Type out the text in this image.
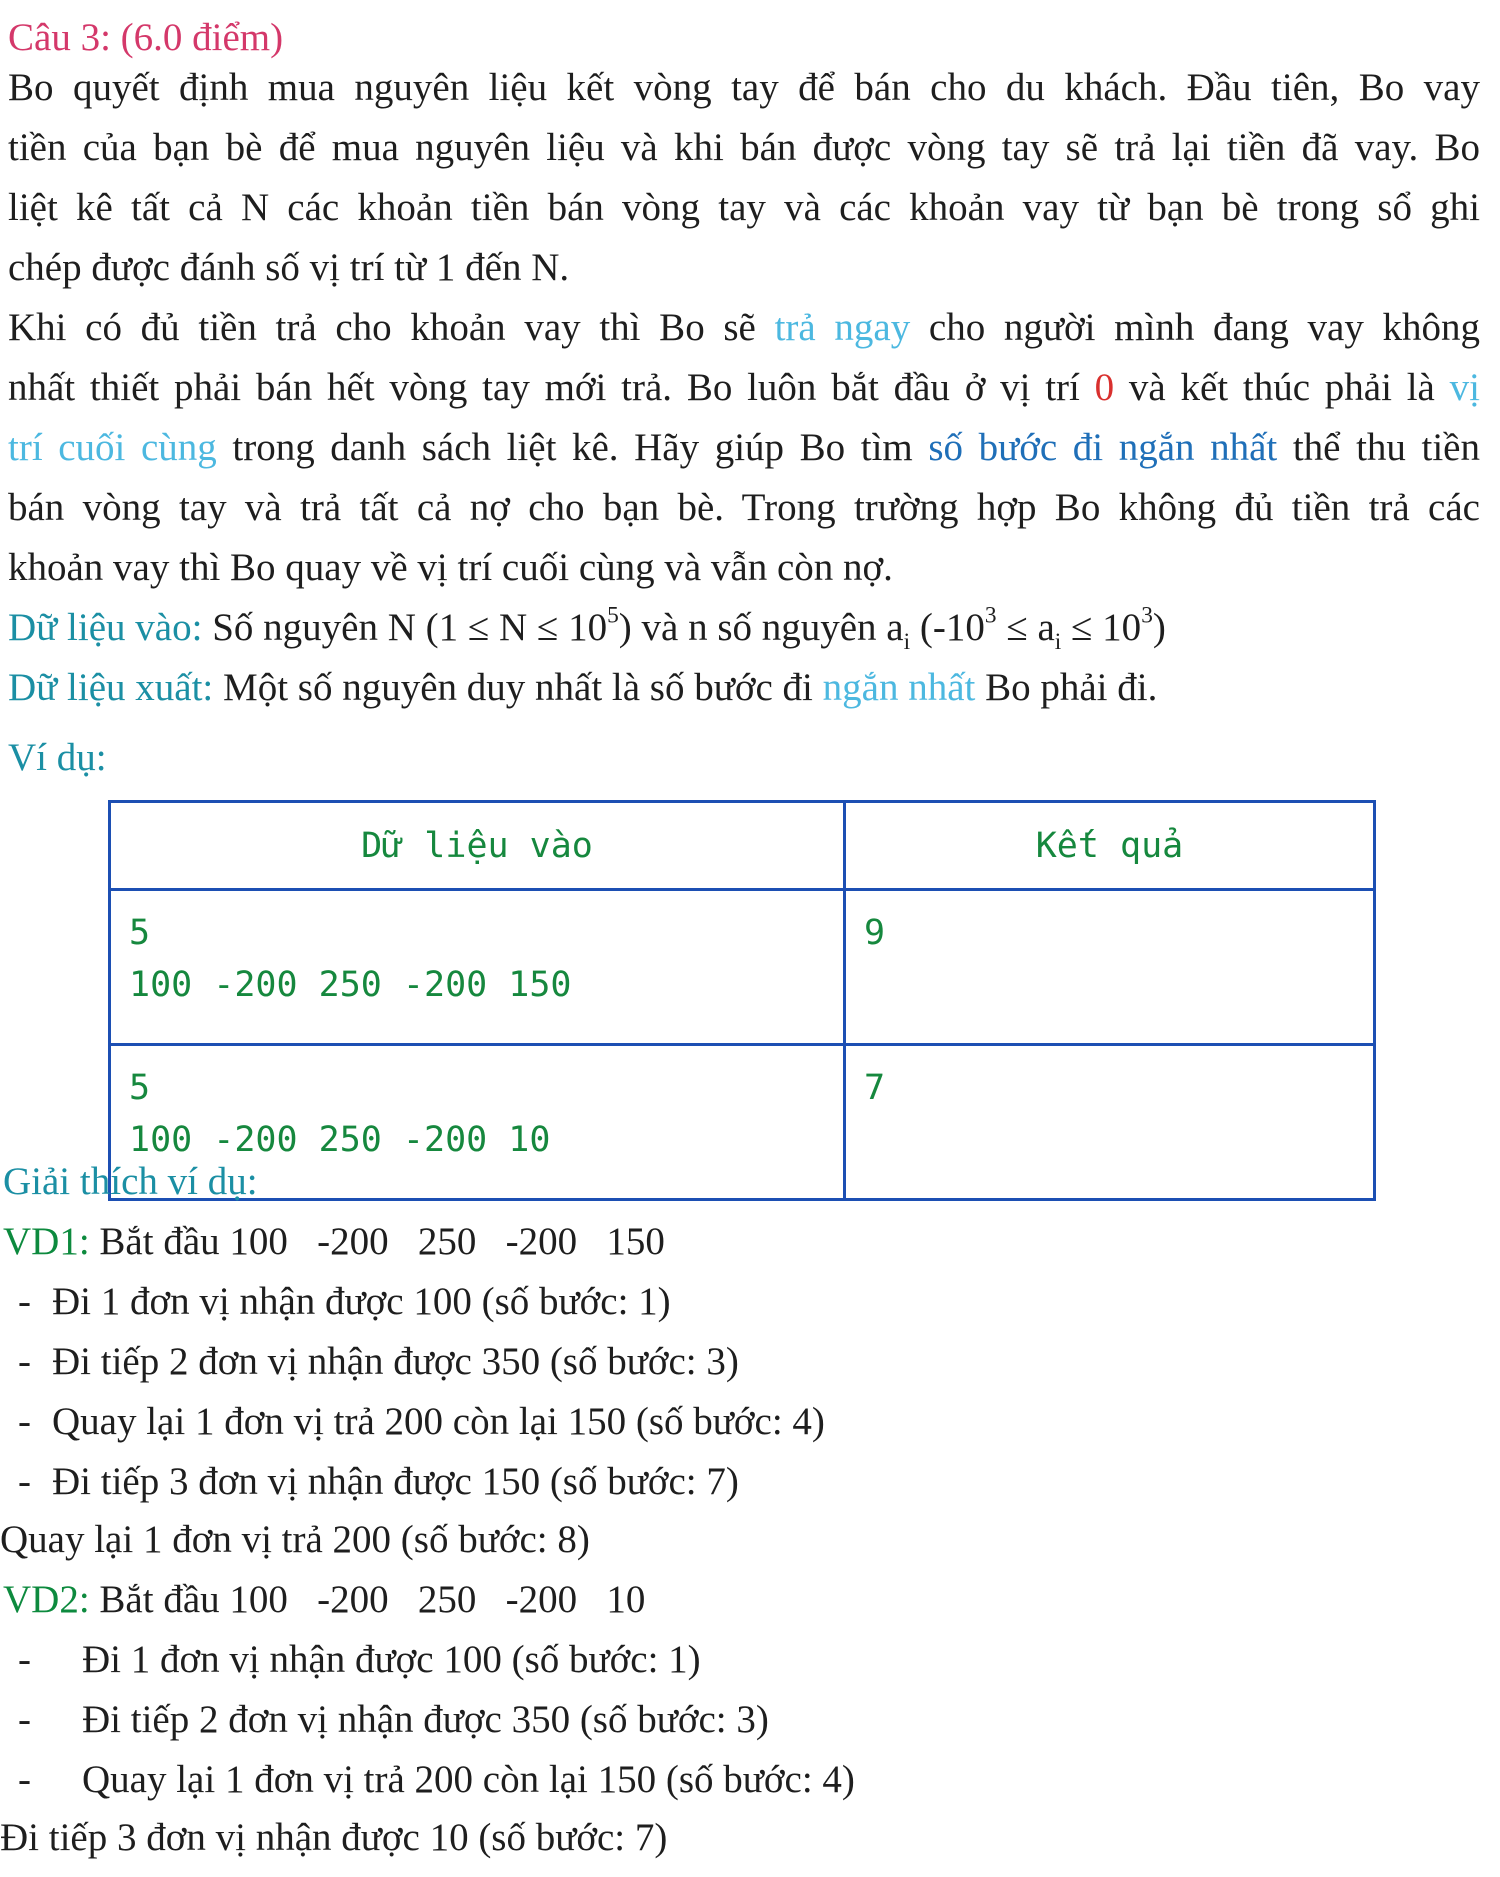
Câu 3: (6.0 điểm)
Bo quyết định mua nguyên liệu kết vòng tay để bán cho du khách. Đầu tiên, Bo vay
tiền của bạn bè để mua nguyên liệu và khi bán được vòng tay sẽ trả lại tiền đã vay. Bo
liệt kê tất cả N các khoản tiền bán vòng tay và các khoản vay từ bạn bè trong sổ ghi
chép được đánh số vị trí từ 1 đến N.
Khi có đủ tiền trả cho khoản vay thì Bo sẽ trả ngay cho người mình đang vay không
nhất thiết phải bán hết vòng tay mới trả. Bo luôn bắt đầu ở vị trí 0 và kết thúc phải là vị
trí cuối cùng trong danh sách liệt kê. Hãy giúp Bo tìm số bước đi ngắn nhất thể thu tiền
bán vòng tay và trả tất cả nợ cho bạn bè. Trong trường hợp Bo không đủ tiền trả các
khoản vay thì Bo quay về vị trí cuối cùng và vẫn còn nợ.
Dữ liệu vào: Số nguyên N $(1 \le N \le 10^5)$ và n số nguyên $a_i$ $(-10^3 \le a_i \le 10^3)$
Dữ liệu xuất: Một số nguyên duy nhất là số bước đi ngắn nhất Bo phải đi.
Ví dụ:
Dữ liệu vào	Kết quả

5
100 -200 250 -200 150	9

5
100 -200 250 -200 10	7
Giải thích ví dụ:
VD1: Bắt đầu 100   -200   250   -200   150
- Đi 1 đơn vị nhận được 100 (số bước: 1)
- Đi tiếp 2 đơn vị nhận được 350 (số bước: 3)
- Quay lại 1 đơn vị trả 200 còn lại 150 (số bước: 4)
- Đi tiếp 3 đơn vị nhận được 150 (số bước: 7)
Quay lại 1 đơn vị trả 200 (số bước: 8)
VD2: Bắt đầu 100   -200   250   -200   10
- Đi 1 đơn vị nhận được 100 (số bước: 1)
- Đi tiếp 2 đơn vị nhận được 350 (số bước: 3)
- Quay lại 1 đơn vị trả 200 còn lại 150 (số bước: 4)
Đi tiếp 3 đơn vị nhận được 10 (số bước: 7)
